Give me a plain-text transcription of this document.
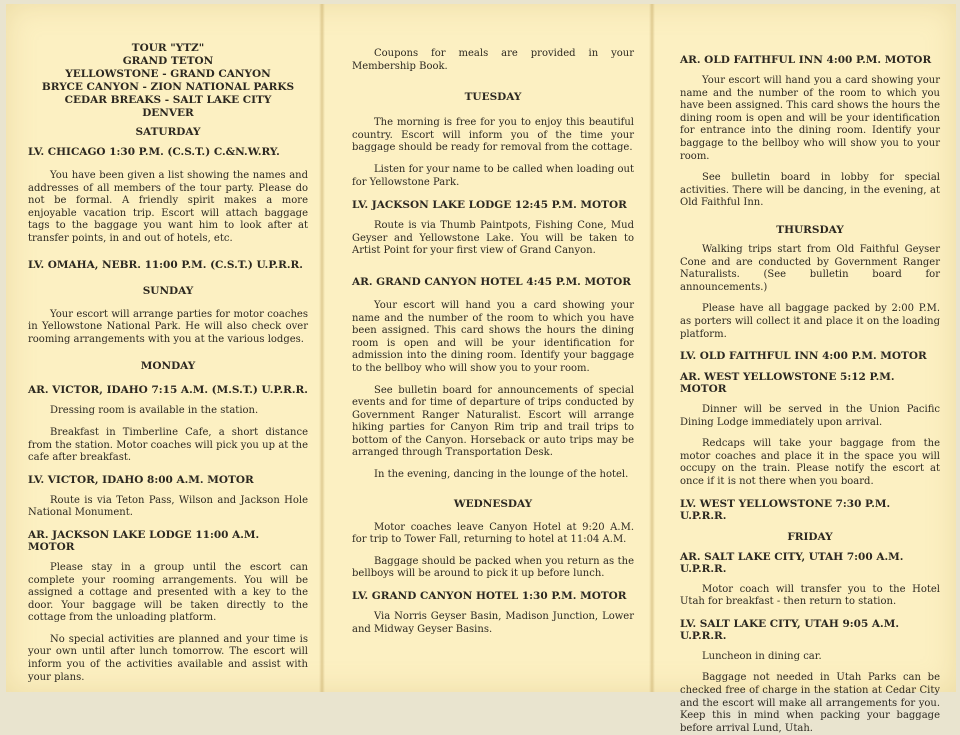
TOUR "YTZ"

GRAND TETON

YELLOWSTONE - GRAND CANYON

BRYCE CANYON - ZION NATIONAL PARKS

CEDAR BREAKS - SALT LAKE CITY

DENVER

SATURDAY

LV. CHICAGO 1:30 P.M. (C.S.T.) C.&N.W.RY.

You have been given a list showing the names and addresses of all members of the tour party. Please do not be formal. A friendly spirit makes a more enjoyable vacation trip. Escort will attach baggage tags to the baggage you want him to look after at transfer points, in and out of hotels, etc.

LV. OMAHA, NEBR. 11:00 P.M. (C.S.T.) U.P.R.R.

SUNDAY

Your escort will arrange parties for motor coaches in Yellowstone National Park. He will also check over rooming arrangements with you at the various lodges.

MONDAY

AR. VICTOR, IDAHO 7:15 A.M. (M.S.T.) U.P.R.R.

Dressing room is available in the station.

Breakfast in Timberline Cafe, a short distance from the station. Motor coaches will pick you up at the cafe after breakfast.

LV. VICTOR, IDAHO 8:00 A.M. MOTOR

Route is via Teton Pass, Wilson and Jackson Hole National Monument.

AR. JACKSON LAKE LODGE 11:00 A.M. MOTOR

Please stay in a group until the escort can complete your rooming arrangements. You will be assigned a cottage and presented with a key to the door. Your baggage will be taken directly to the cottage from the unloading platform.

No special activities are planned and your time is your own until after lunch tomorrow. The escort will inform you of the activities available and assist with your plans.

Coupons for meals are provided in your Membership Book.

TUESDAY

The morning is free for you to enjoy this beautiful country. Escort will inform you of the time your baggage should be ready for removal from the cottage.

Listen for your name to be called when loading out for Yellowstone Park.

LV. JACKSON LAKE LODGE 12:45 P.M. MOTOR

Route is via Thumb Paintpots, Fishing Cone, Mud Geyser and Yellowstone Lake. You will be taken to Artist Point for your first view of Grand Canyon.

AR. GRAND CANYON HOTEL 4:45 P.M. MOTOR

Your escort will hand you a card showing your name and the number of the room to which you have been assigned. This card shows the hours the dining room is open and will be your identification for admission into the dining room. Identify your baggage to the bellboy who will show you to your room.

See bulletin board for announcements of special events and for time of departure of trips conducted by Government Ranger Naturalist. Escort will arrange hiking parties for Canyon Rim trip and trail trips to bottom of the Canyon. Horseback or auto trips may be arranged through Transportation Desk.

In the evening, dancing in the lounge of the hotel.

WEDNESDAY

Motor coaches leave Canyon Hotel at 9:20 A.M. for trip to Tower Fall, returning to hotel at 11:04 A.M.

Baggage should be packed when you return as the bellboys will be around to pick it up before lunch.

LV. GRAND CANYON HOTEL 1:30 P.M. MOTOR

Via Norris Geyser Basin, Madison Junction, Lower and Midway Geyser Basins.

AR. OLD FAITHFUL INN 4:00 P.M. MOTOR

Your escort will hand you a card showing your name and the number of the room to which you have been assigned. This card shows the hours the dining room is open and will be your identification for entrance into the dining room. Identify your baggage to the bellboy who will show you to your room.

See bulletin board in lobby for special activities. There will be dancing, in the evening, at Old Faithful Inn.

THURSDAY

Walking trips start from Old Faithful Geyser Cone and are conducted by Government Ranger Naturalists. (See bulletin board for announcements.)

Please have all baggage packed by 2:00 P.M. as porters will collect it and place it on the loading platform.

LV. OLD FAITHFUL INN 4:00 P.M. MOTOR

AR. WEST YELLOWSTONE 5:12 P.M. MOTOR

Dinner will be served in the Union Pacific Dining Lodge immediately upon arrival.

Redcaps will take your baggage from the motor coaches and place it in the space you will occupy on the train. Please notify the escort at once if it is not there when you board.

LV. WEST YELLOWSTONE 7:30 P.M. U.P.R.R.

FRIDAY

AR. SALT LAKE CITY, UTAH 7:00 A.M. U.P.R.R.

Motor coach will transfer you to the Hotel Utah for breakfast - then return to station.

LV. SALT LAKE CITY, UTAH 9:05 A.M. U.P.R.R.

Luncheon in dining car.

Baggage not needed in Utah Parks can be checked free of charge in the station at Cedar City and the escort will make all arrangements for you. Keep this in mind when packing your baggage before arrival Lund, Utah.
